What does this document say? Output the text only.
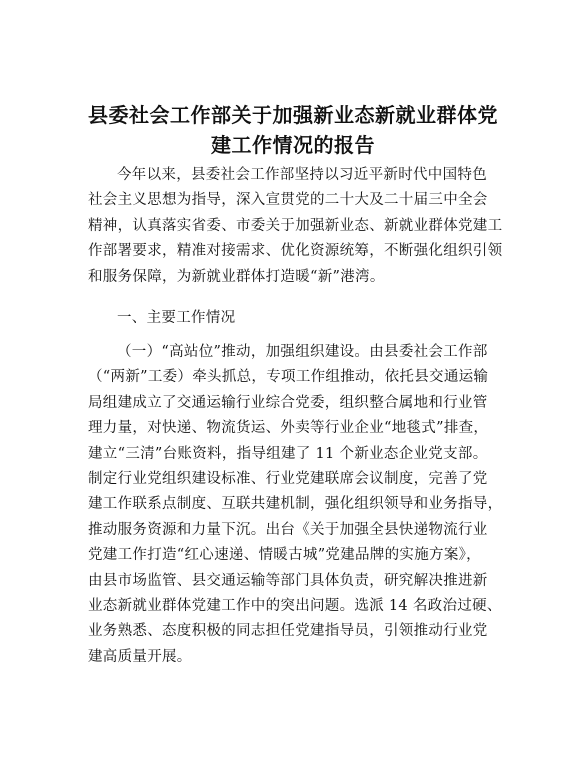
县委社会工作部关于加强新业态新就业群体党
建工作情况的报告
今年以来，县委社会工作部坚持以习近平新时代中国特色
社会主义思想为指导，深入宣贯党的二十大及二十届三中全会
精神，认真落实省委、市委关于加强新业态、新就业群体党建工
作部署要求，精准对接需求、优化资源统筹，不断强化组织引领
和服务保障，为新就业群体打造暖“新”港湾。
一、主要工作情况
（一）“高站位”推动，加强组织建设。由县委社会工作部
（“两新”工委）牵头抓总，专项工作组推动，依托县交通运输
局组建成立了交通运输行业综合党委，组织整合属地和行业管
理力量，对快递、物流货运、外卖等行业企业“地毯式”排查，
建立“三清”台账资料，指导组建了 11 个新业态企业党支部。
制定行业党组织建设标准、行业党建联席会议制度，完善了党
建工作联系点制度、互联共建机制，强化组织领导和业务指导，
推动服务资源和力量下沉。出台《关于加强全县快递物流行业
党建工作打造“红心速递、情暖古城”党建品牌的实施方案》，
由县市场监管、县交通运输等部门具体负责，研究解决推进新
业态新就业群体党建工作中的突出问题。选派 14 名政治过硬、
业务熟悉、态度积极的同志担任党建指导员，引领推动行业党
建高质量开展。
